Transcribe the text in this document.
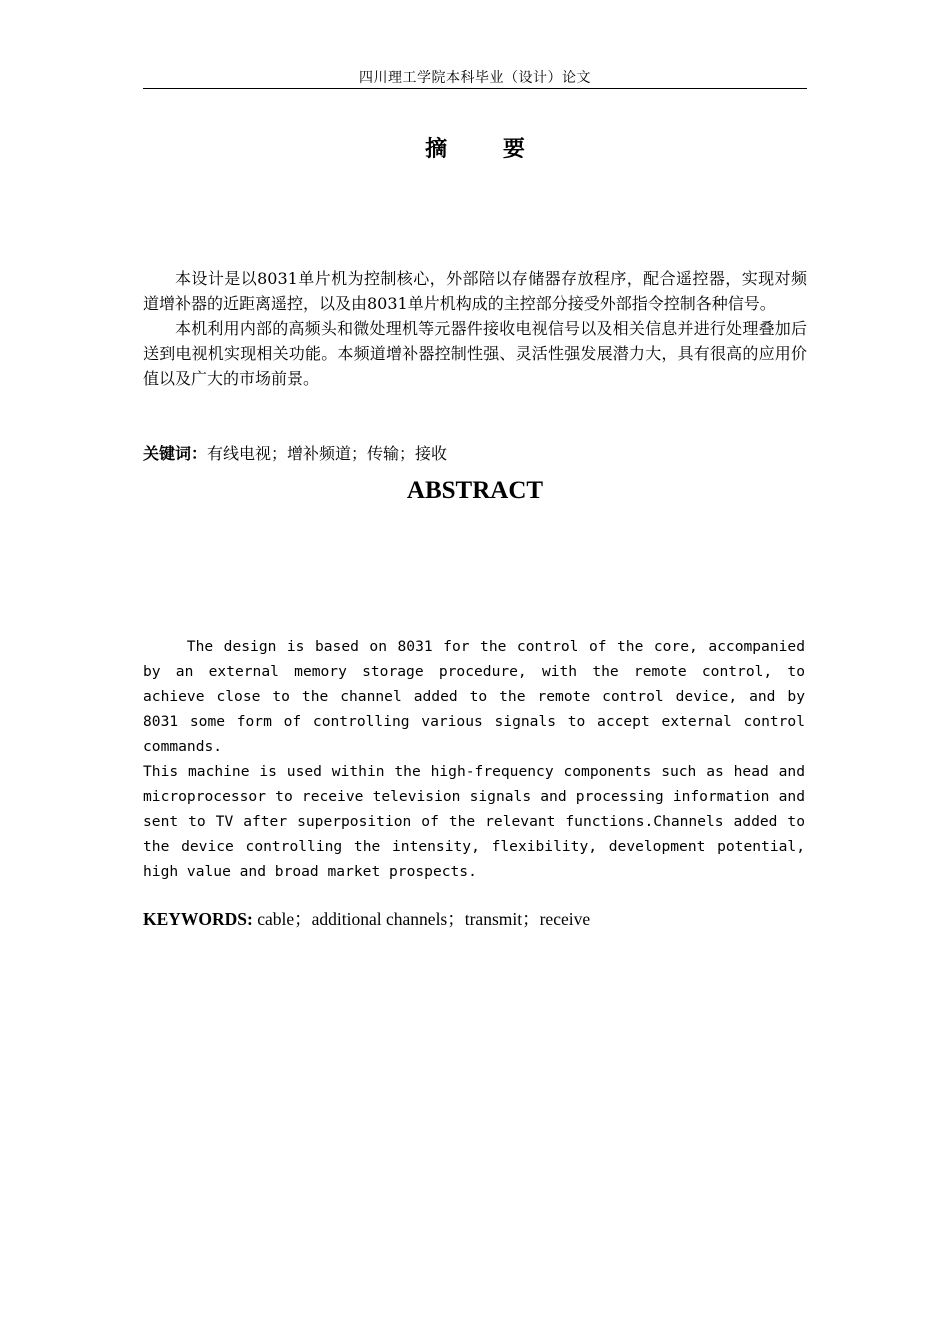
四川理工学院本科毕业（设计）论文
摘 要

本设计是以8031单片机为控制核心，外部陪以存储器存放程序，配合遥控器，实现对频道增补器的近距离遥控，以及由8031单片机构成的主控部分接受外部指令控制各种信号。

本机利用内部的高频头和微处理机等元器件接收电视信号以及相关信息并进行处理叠加后送到电视机实现相关功能。本频道增补器控制性强、灵活性强发展潜力大，具有很高的应用价值以及广大的市场前景。

关键词：有线电视；增补频道；传输；接收
ABSTRACT

The design is based on 8031 for the control of the core, accompanied by an external memory storage procedure, with the remote control, to achieve close to the channel added to the remote control device, and by 8031 some form of controlling various signals to accept external control commands.

This machine is used within the high-frequency components such as head and microprocessor to receive television signals and processing information and sent to TV after superposition of the relevant functions.Channels added to the device controlling the intensity, flexibility, development potential, high value and broad market prospects.

KEYWORDS: cable；additional channels；transmit；receive
